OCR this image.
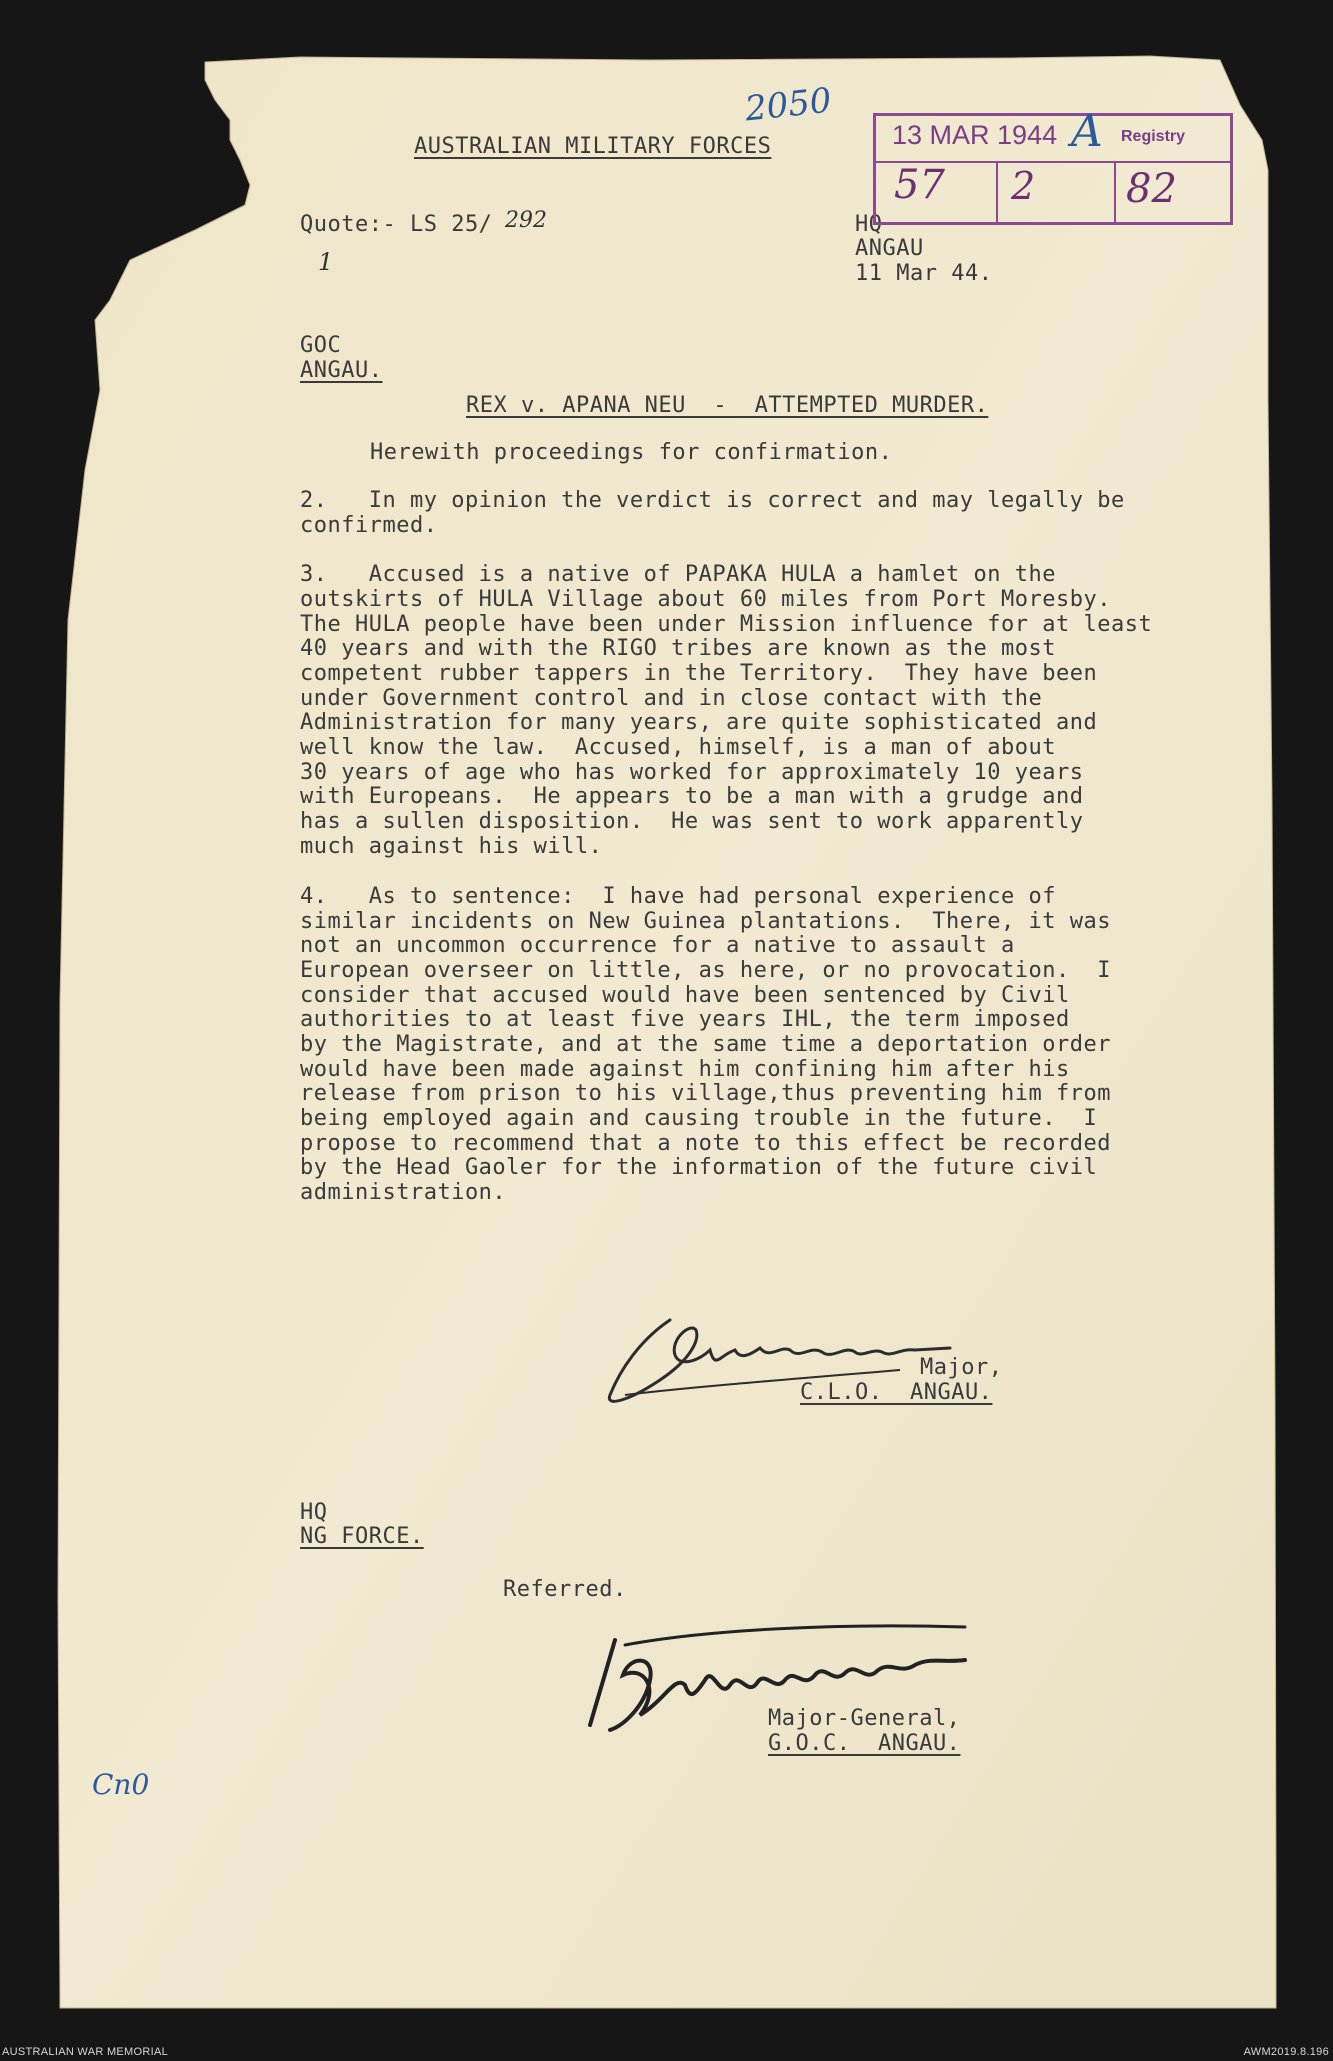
AUSTRALIAN MILITARY FORCES
Quote:- LS 25/ 292
1
HQ
ANGAU
11 Mar 44.
2050
13 MAR 1944 A Registry
57 2 82
GOC
ANGAU.
REX v. APANA NEU  -  ATTEMPTED MURDER.
Herewith proceedings for confirmation.
2.   In my opinion the verdict is correct and may legally be
confirmed.
3.   Accused is a native of PAPAKA HULA a hamlet on the
outskirts of HULA Village about 60 miles from Port Moresby.
The HULA people have been under Mission influence for at least
40 years and with the RIGO tribes are known as the most
competent rubber tappers in the Territory.  They have been
under Government control and in close contact with the
Administration for many years, are quite sophisticated and
well know the law.  Accused, himself, is a man of about
30 years of age who has worked for approximately 10 years
with Europeans.  He appears to be a man with a grudge and
has a sullen disposition.  He was sent to work apparently
much against his will.
4.   As to sentence:  I have had personal experience of
similar incidents on New Guinea plantations.  There, it was
not an uncommon occurrence for a native to assault a
European overseer on little, as here, or no provocation.  I
consider that accused would have been sentenced by Civil
authorities to at least five years IHL, the term imposed
by the Magistrate, and at the same time a deportation order
would have been made against him confining him after his
release from prison to his village,thus preventing him from
being employed again and causing trouble in the future.  I
propose to recommend that a note to this effect be recorded
by the Head Gaoler for the information of the future civil
administration.
Major,
C.L.O.  ANGAU.
HQ
NG FORCE.
Referred.
Major-General,
G.O.C.  ANGAU.
Cn0
AUSTRALIAN WAR MEMORIAL	AWM2019.8.196
